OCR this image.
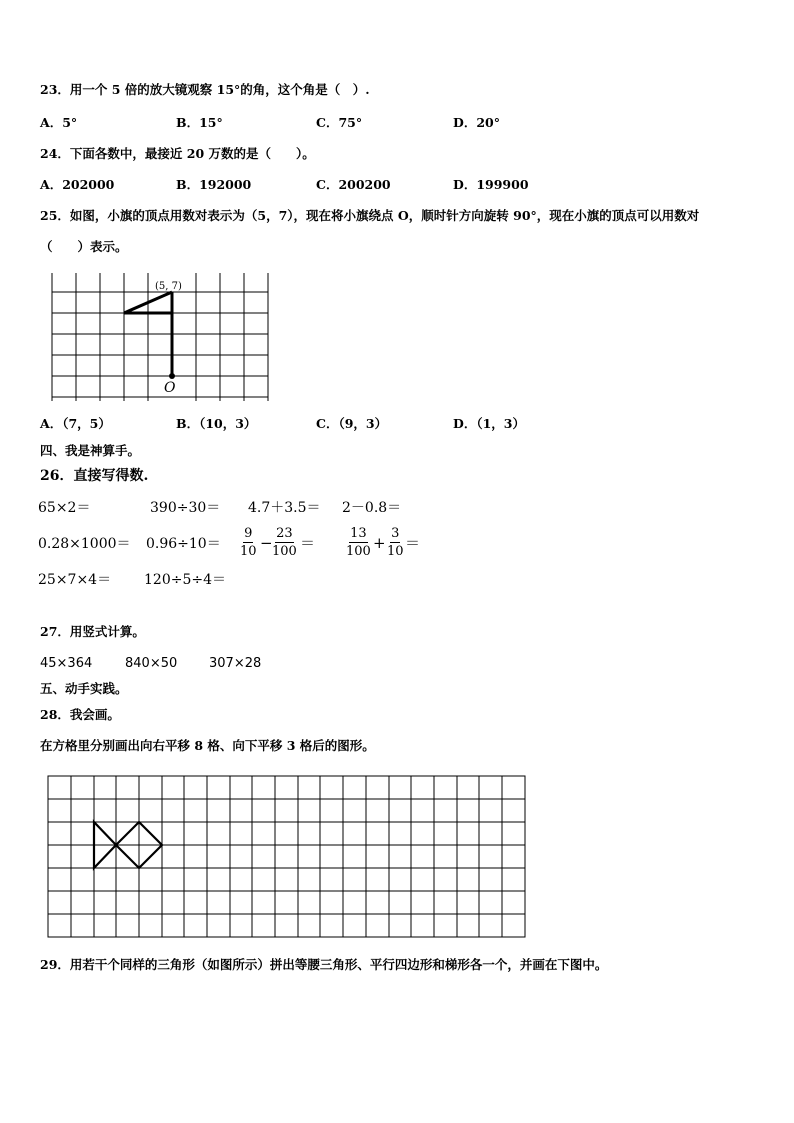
23．用一个 5 倍的放大镜观察 15°的角，这个角是（　）.
A．5°	B．15°	C．75°	D．20°
24．下面各数中，最接近 20 万数的是（　　）。
A．202000	B．192000	C．200200	D．199900
25．如图，小旗的顶点用数对表示为（5，7），现在将小旗绕点 O，顺时针方向旋转 90°，现在小旗的顶点可以用数对
（　　）表示。
(5, 7)
O
A．（7，5）	B．（10，3）	C．（9，3）	D．（1，3）
四、我是神算手。
26．直接写得数.
65×2＝	390÷30＝ 4.7＋3.5＝ 2－0.8＝
$0.28\times 1000= 0.96\div 10= \frac{9}{10} - \frac{23}{100} = \frac{13}{100} + \frac{3}{10}$ ＝
25×7×4＝ 120÷5÷4＝
27．用竖式计算。
45×364	840×50 307×28
五、动手实践。
28．我会画。
在方格里分别画出向右平移 8 格、向下平移 3 格后的图形。
29．用若干个同样的三角形（如图所示）拼出等腰三角形、平行四边形和梯形各一个，并画在下图中。
